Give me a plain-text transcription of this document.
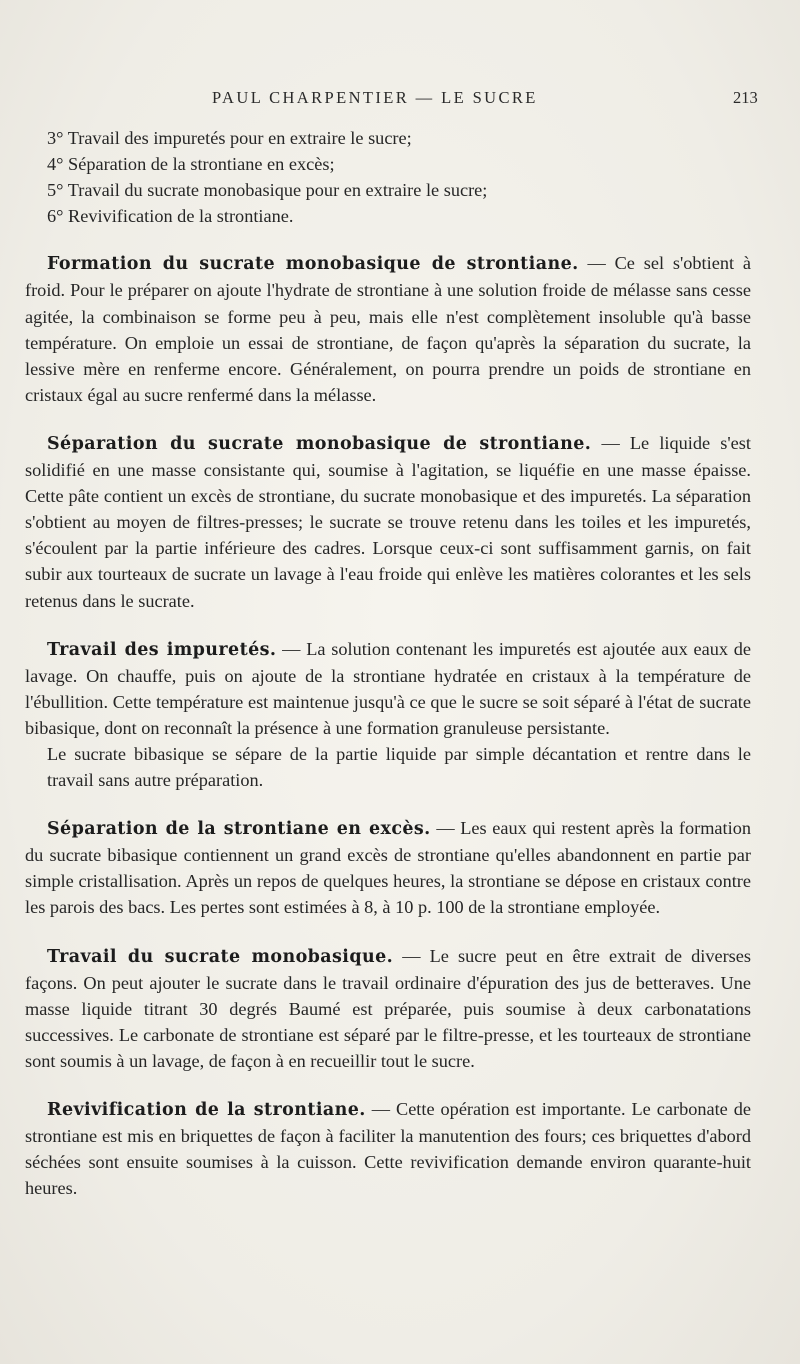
PAUL CHARPENTIER — LE SUCRE	213
3° Travail des impuretés pour en extraire le sucre;
4° Séparation de la strontiane en excès;
5° Travail du sucrate monobasique pour en extraire le sucre;
6° Revivification de la strontiane.

Formation du sucrate monobasique de strontiane. — Ce sel s'obtient à froid. Pour le préparer on ajoute l'hydrate de strontiane à une solution froide de mélasse sans cesse agitée, la combinaison se forme peu à peu, mais elle n'est complètement insoluble qu'à basse température. On emploie un essai de strontiane, de façon qu'après la séparation du sucrate, la lessive mère en renferme encore. Généralement, on pourra prendre un poids de strontiane en cristaux égal au sucre renfermé dans la mélasse.

Séparation du sucrate monobasique de strontiane. — Le liquide s'est solidifié en une masse consistante qui, soumise à l'agitation, se liquéfie en une masse épaisse. Cette pâte contient un excès de strontiane, du sucrate monobasique et des impuretés. La séparation s'obtient au moyen de filtres-presses; le sucrate se trouve retenu dans les toiles et les impuretés, s'écoulent par la partie inférieure des cadres. Lorsque ceux-ci sont suffisamment garnis, on fait subir aux tourteaux de sucrate un lavage à l'eau froide qui enlève les matières colorantes et les sels retenus dans le sucrate.

Travail des impuretés. — La solution contenant les impuretés est ajoutée aux eaux de lavage. On chauffe, puis on ajoute de la strontiane hydratée en cristaux à la température de l'ébullition. Cette température est maintenue jusqu'à ce que le sucre se soit séparé à l'état de sucrate bibasique, dont on reconnaît la présence à une formation granuleuse persistante.

Le sucrate bibasique se sépare de la partie liquide par simple décantation et rentre dans le travail sans autre préparation.

Séparation de la strontiane en excès. — Les eaux qui restent après la formation du sucrate bibasique contiennent un grand excès de strontiane qu'elles abandonnent en partie par simple cristallisation. Après un repos de quelques heures, la strontiane se dépose en cristaux contre les parois des bacs. Les pertes sont estimées à 8, à 10 p. 100 de la strontiane employée.

Travail du sucrate monobasique. — Le sucre peut en être extrait de diverses façons. On peut ajouter le sucrate dans le travail ordinaire d'épuration des jus de betteraves. Une masse liquide titrant 30 degrés Baumé est préparée, puis soumise à deux carbonatations successives. Le carbonate de strontiane est séparé par le filtre-presse, et les tourteaux de strontiane sont soumis à un lavage, de façon à en recueillir tout le sucre.

Revivification de la strontiane. — Cette opération est importante. Le carbonate de strontiane est mis en briquettes de façon à faciliter la manutention des fours; ces briquettes d'abord séchées sont ensuite soumises à la cuisson. Cette revivification demande environ quarante-huit heures.
